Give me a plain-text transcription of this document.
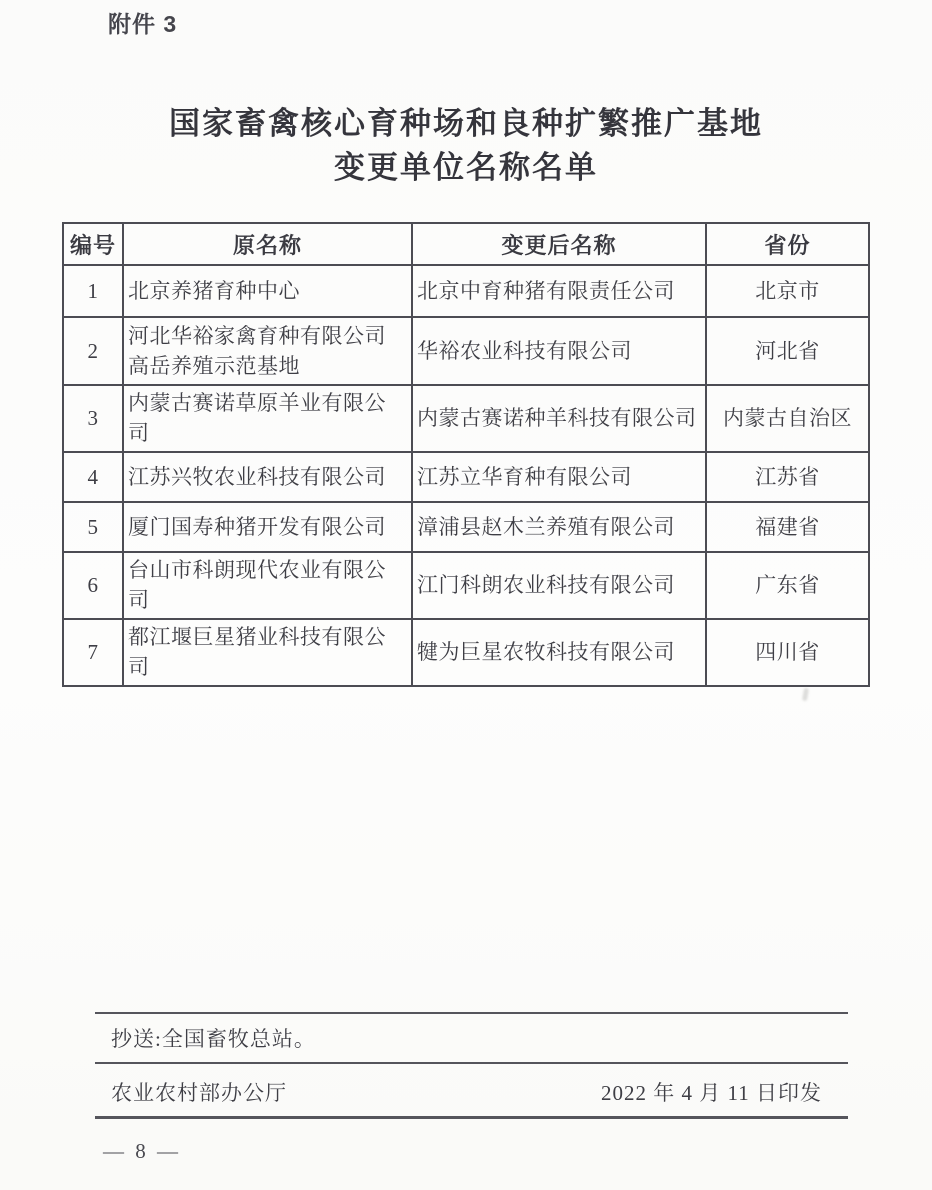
附件 3
国家畜禽核心育种场和良种扩繁推广基地
变更单位名称名单
编号	原名称	变更后名称	省份
1	北京养猪育种中心	北京中育种猪有限责任公司	北京市
2	河北华裕家禽育种有限公司高岳养殖示范基地	华裕农业科技有限公司	河北省
3	内蒙古赛诺草原羊业有限公司	内蒙古赛诺种羊科技有限公司	内蒙古自治区
4	江苏兴牧农业科技有限公司	江苏立华育种有限公司	江苏省
5	厦门国寿种猪开发有限公司	漳浦县赵木兰养殖有限公司	福建省
6	台山市科朗现代农业有限公司	江门科朗农业科技有限公司	广东省
7	都江堰巨星猪业科技有限公司	犍为巨星农牧科技有限公司	四川省
抄送:全国畜牧总站。
农业农村部办公厅	2022 年 4 月 11 日印发
— 8 —
